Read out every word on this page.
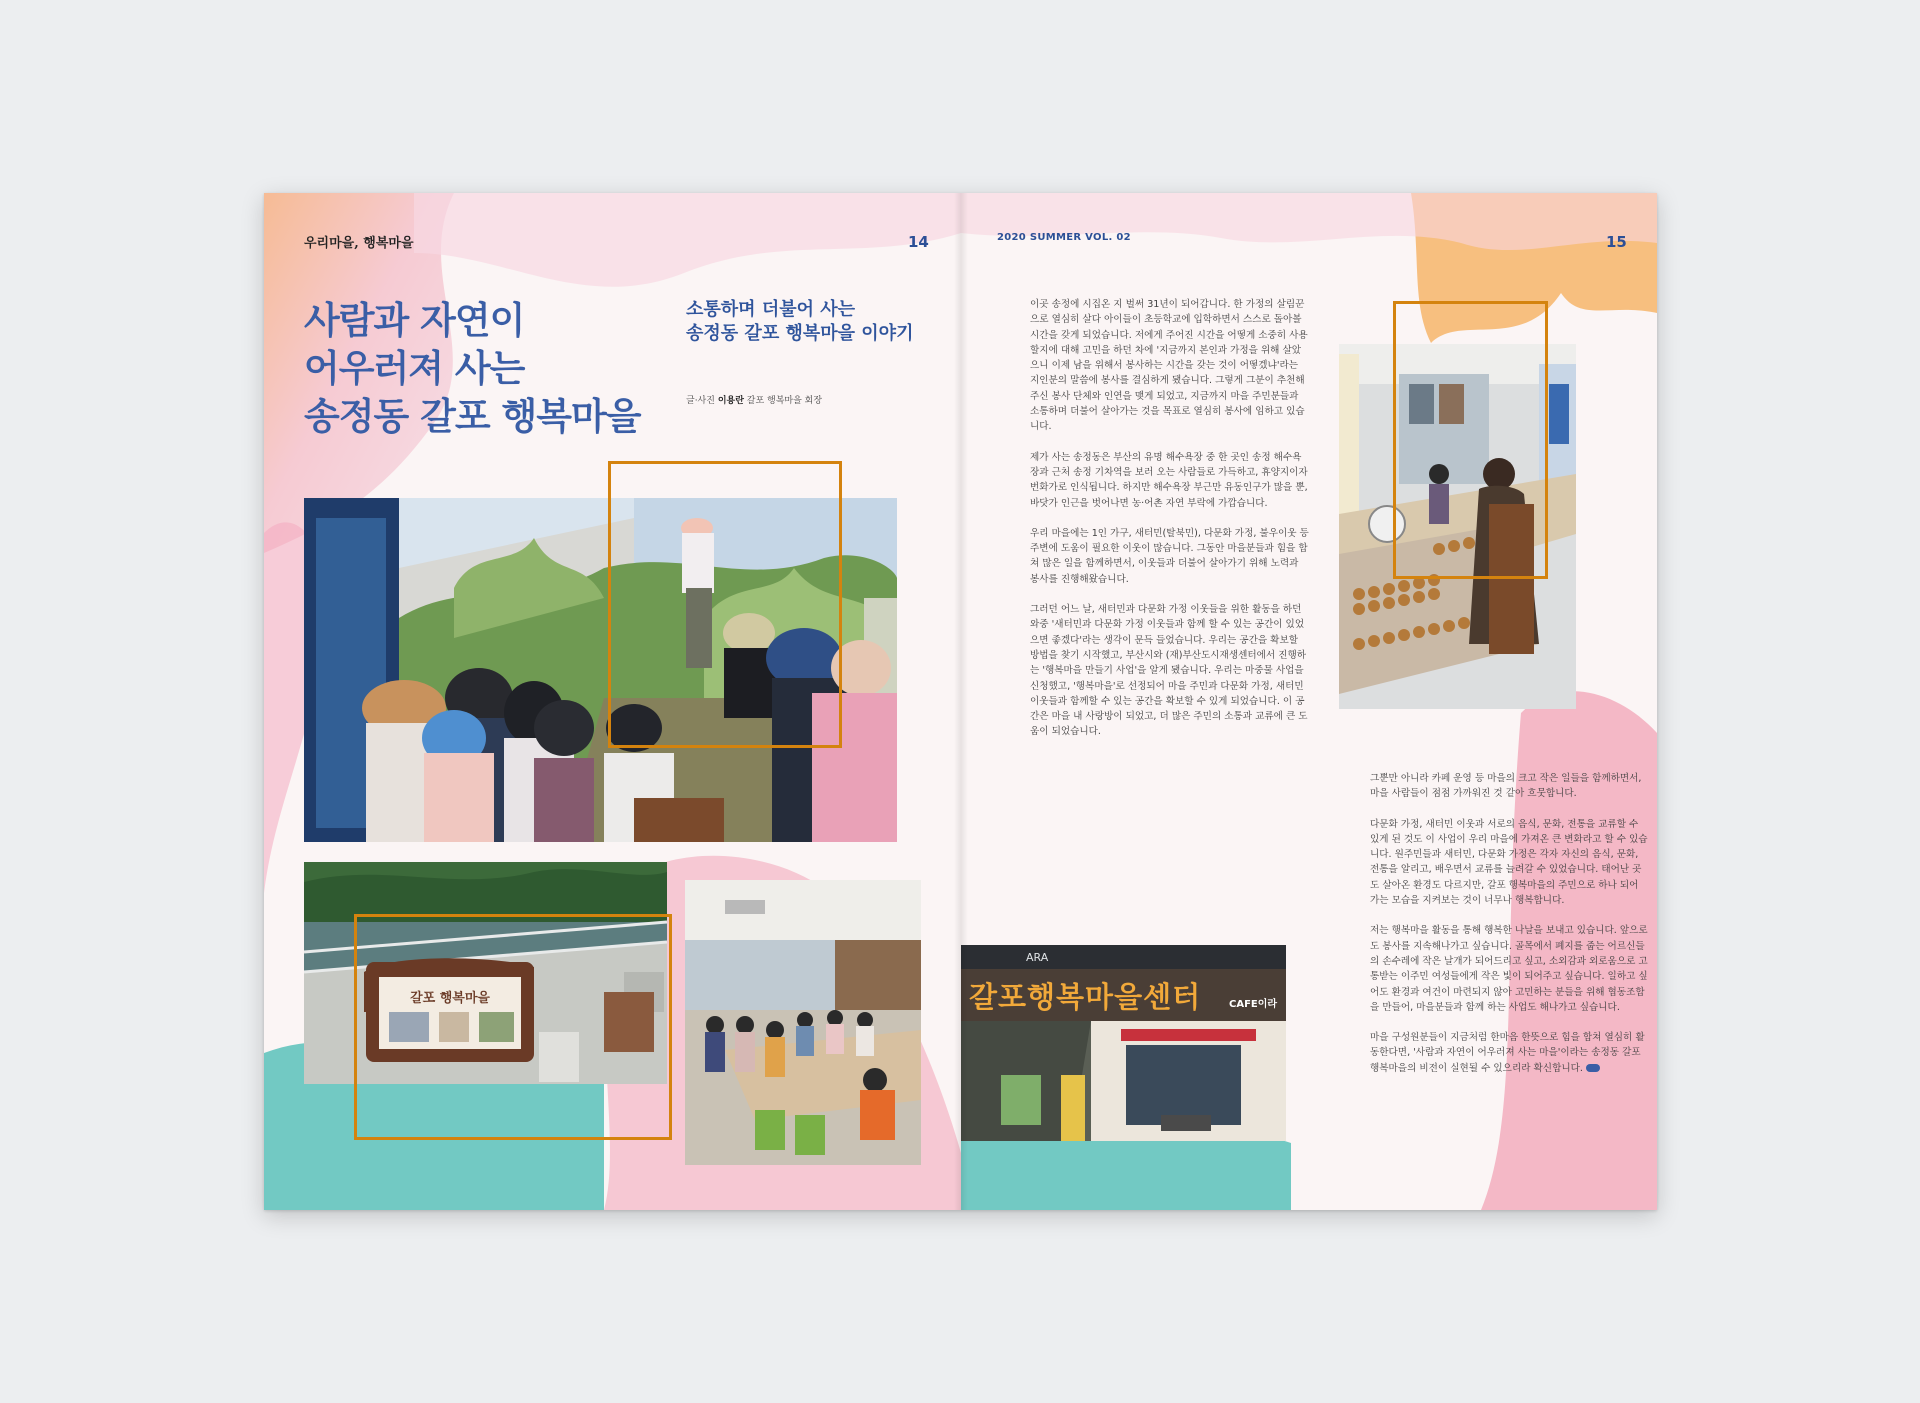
우리마을, 행복마을	14
사람과 자연이
어우러져 사는
송정동 갈포 행복마을
소통하며 더불어 사는
송정동 갈포 행복마을 이야기
글·사진 이용란 갈포 행복마을 회장
갈포 행복마을
2020 SUMMER VOL. 02	15

이곳 송정에 시집온 지 벌써 31년이 되어갑니다. 한 가정의 살림꾼으로 열심히 살다 아이들이 초등학교에 입학하면서 스스로 돌아볼 시간을 갖게 되었습니다. 저에게 주어진 시간을 어떻게 소중히 사용할지에 대해 고민을 하던 차에 '지금까지 본인과 가정을 위해 살았으니 이제 남을 위해서 봉사하는 시간을 갖는 것이 어떻겠냐'라는 지인분의 말씀에 봉사를 결심하게 됐습니다. 그렇게 그분이 추천해 주신 봉사 단체와 인연을 맺게 되었고, 지금까지 마을 주민분들과 소통하며 더불어 살아가는 것을 목표로 열심히 봉사에 임하고 있습니다.

제가 사는 송정동은 부산의 유명 해수욕장 중 한 곳인 송정 해수욕장과 근처 송정 기차역을 보러 오는 사람들로 가득하고, 휴양지이자 번화가로 인식됩니다. 하지만 해수욕장 부근만 유동인구가 많을 뿐, 바닷가 인근을 벗어나면 농·어촌 자연 부락에 가깝습니다.

우리 마을에는 1인 가구, 새터민(탈북민), 다문화 가정, 불우이웃 등 주변에 도움이 필요한 이웃이 많습니다. 그동안 마을분들과 힘을 합쳐 많은 일을 함께하면서, 이웃들과 더불어 살아가기 위해 노력과 봉사를 진행해왔습니다.

그러던 어느 날, 새터민과 다문화 가정 이웃들을 위한 활동을 하던 와중 '새터민과 다문화 가정 이웃들과 함께 할 수 있는 공간이 있었으면 좋겠다'라는 생각이 문득 들었습니다. 우리는 공간을 확보할 방법을 찾기 시작했고, 부산시와 (재)부산도시재생센터에서 진행하는 '행복마을 만들기 사업'을 알게 됐습니다. 우리는 마중물 사업을 신청했고, '행복마을'로 선정되어 마을 주민과 다문화 가정, 새터민 이웃들과 함께할 수 있는 공간을 확보할 수 있게 되었습니다. 이 공간은 마을 내 사랑방이 되었고, 더 많은 주민의 소통과 교류에 큰 도움이 되었습니다.

ARA
갈포행복마을센터	CAFE이라

그뿐만 아니라 카페 운영 등 마을의 크고 작은 일들을 함께하면서, 마을 사람들이 점점 가까워진 것 같아 흐뭇합니다.

다문화 가정, 새터민 이웃과 서로의 음식, 문화, 전통을 교류할 수 있게 된 것도 이 사업이 우리 마을에 가져온 큰 변화라고 할 수 있습니다. 원주민들과 새터민, 다문화 가정은 각자 자신의 음식, 문화, 전통을 알리고, 배우면서 교류를 늘려갈 수 있었습니다. 태어난 곳도 살아온 환경도 다르지만, 갈포 행복마을의 주민으로 하나 되어 가는 모습을 지켜보는 것이 너무나 행복합니다.

저는 행복마을 활동을 통해 행복한 나날을 보내고 있습니다. 앞으로도 봉사를 지속해나가고 싶습니다. 골목에서 폐지를 줍는 어르신들의 손수레에 작은 날개가 되어드리고 싶고, 소외감과 외로움으로 고통받는 이주민 여성들에게 작은 빛이 되어주고 싶습니다. 일하고 싶어도 환경과 여건이 마련되지 않아 고민하는 분들을 위해 협동조합을 만들어, 마을분들과 함께 하는 사업도 해나가고 싶습니다.

마을 구성원분들이 지금처럼 한마음 한뜻으로 힘을 합쳐 열심히 활동한다면, '사람과 자연이 어우러져 사는 마을'이라는 송정동 갈포 행복마을의 비전이 실현될 수 있으리라 확신합니다.
